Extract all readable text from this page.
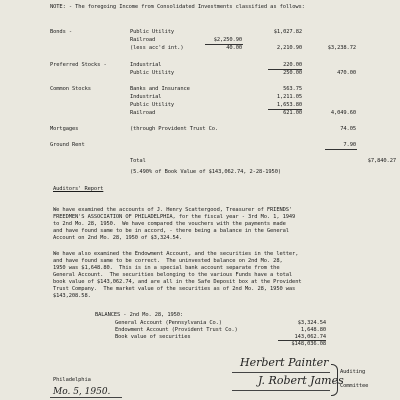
NOTE: - The foregoing Income from Consolidated Investments classified as follows:
Bonds -	Public Utility	$1,027.82
Railroad	$2,250.90
(less acc'd int.)	40.00	2,210.90	$3,238.72
Preferred Stocks -	Industrial	220.00
Public Utility	250.00	470.00
Common Stocks	Banks and Insurance	563.75
Industrial	1,211.05
Public Utility	1,653.80
Railroad	621.00	4,049.60
Mortgages	(through Provident Trust Co.	74.05
Ground Rent	7.90
Total	$7,840.27
(5.490% of Book Value of $143,062.74, 2-28-1950)
Auditors' Report
We have examined the accounts of J. Henry Scattergood, Treasurer of FRIENDS'
FREEDMEN'S ASSOCIATION OF PHILADELPHIA, for the fiscal year - 3rd Mo. 1, 1949
to 2nd Mo. 28, 1950.  We have compared the vouchers with the payments made
and have found same to be in accord, - there being a balance in the General
Account on 2nd Mo. 28, 1950 of $3,324.54.
We have also examined the Endowment Account, and the securities in the letter,
and have found same to be correct.  The uninvested balance on 2nd Mo. 28,
1950 was $1,648.80.  This is in a special bank account separate from the
General Account.  The securities belonging to the various Funds have a total
book value of $143,062.74, and are all in the Safe Deposit box at the Provident
Trust Company.  The market value of the securities as of 2nd Mo. 28, 1950 was
$143,208.58.
BALANCES - 2nd Mo. 28, 1950:
General Account (Pennsylvania Co.)	$3,324.54
Endowment Account (Provident Trust Co.)	1,648.80
Book value of securities	143,062.74
$148,036.08
Herbert Painter
J. Robert James
Auditing
Committee
Philadelphia
Mo. 5, 1950.
